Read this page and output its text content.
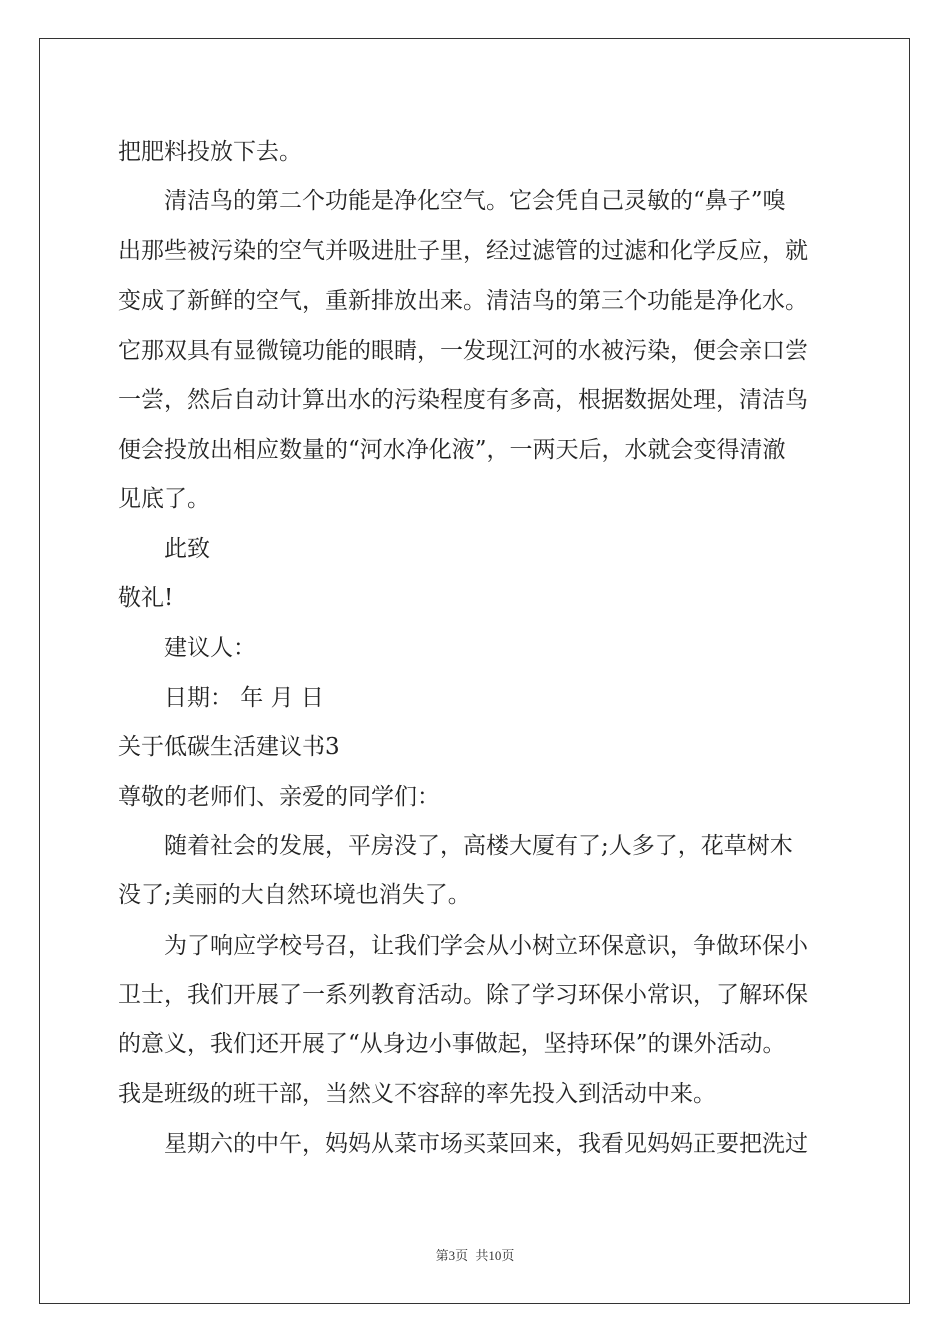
把肥料投放下去。
清洁鸟的第二个功能是净化空气。它会凭自己灵敏的“鼻子”嗅
出那些被污染的空气并吸进肚子里，经过滤管的过滤和化学反应，就
变成了新鲜的空气，重新排放出来。清洁鸟的第三个功能是净化水。
它那双具有显微镜功能的眼睛，一发现江河的水被污染，便会亲口尝
一尝，然后自动计算出水的污染程度有多高，根据数据处理，清洁鸟
便会投放出相应数量的“河水净化液”，一两天后，水就会变得清澈
见底了。
此致
敬礼!
建议人：
日期： 年 月 日
关于低碳生活建议书3
尊敬的老师们、亲爱的同学们：
随着社会的发展，平房没了，高楼大厦有了;人多了，花草树木
没了;美丽的大自然环境也消失了。
为了响应学校号召，让我们学会从小树立环保意识，争做环保小
卫士，我们开展了一系列教育活动。除了学习环保小常识，了解环保
的意义，我们还开展了“从身边小事做起，坚持环保”的课外活动。
我是班级的班干部，当然义不容辞的率先投入到活动中来。
星期六的中午，妈妈从菜市场买菜回来，我看见妈妈正要把洗过
第3页 共10页
